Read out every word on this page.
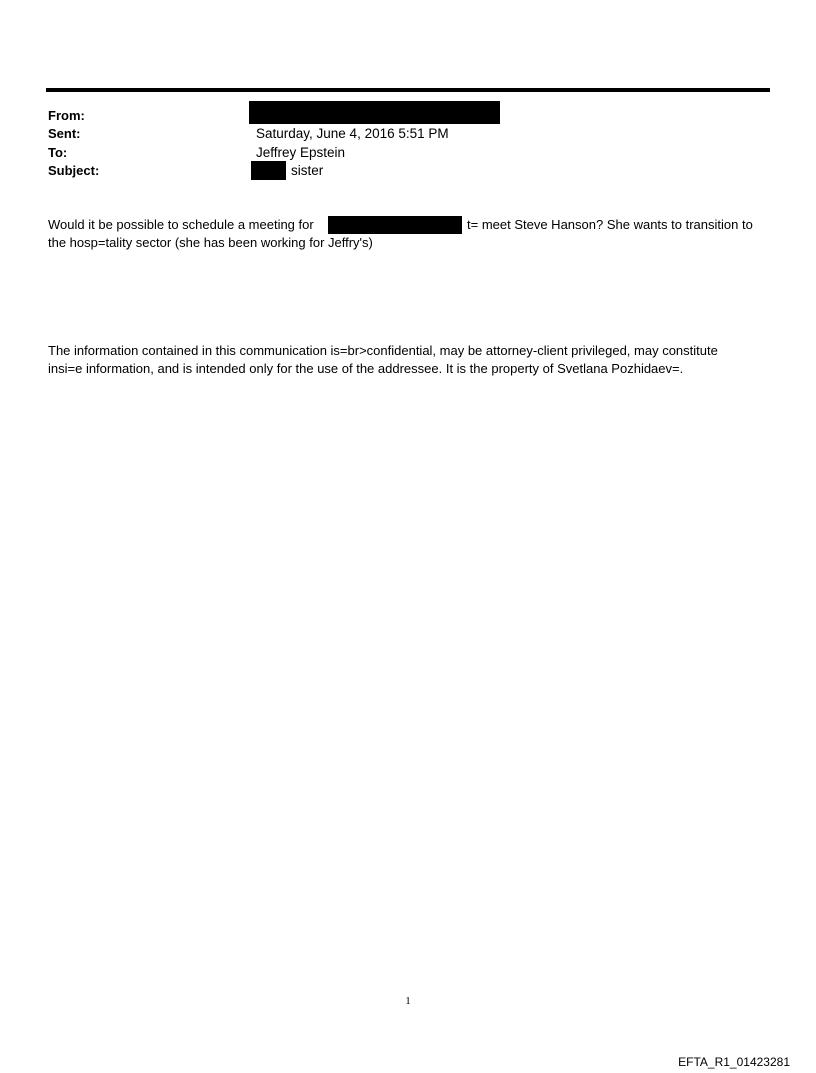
From:
Sent:	Saturday, June 4, 2016 5:51 PM
To:	Jeffrey Epstein
Subject:	sister
Would it be possible to schedule a meeting for	t= meet Steve Hanson? She wants to transition to
the hosp=tality sector (she has been working for Jeffry's)
The information contained in this communication is=br>confidential, may be attorney-client privileged, may constitute
insi=e information, and is intended only for the use of the addressee. It is the property of Svetlana Pozhidaev=.
1
EFTA_R1_01423281
